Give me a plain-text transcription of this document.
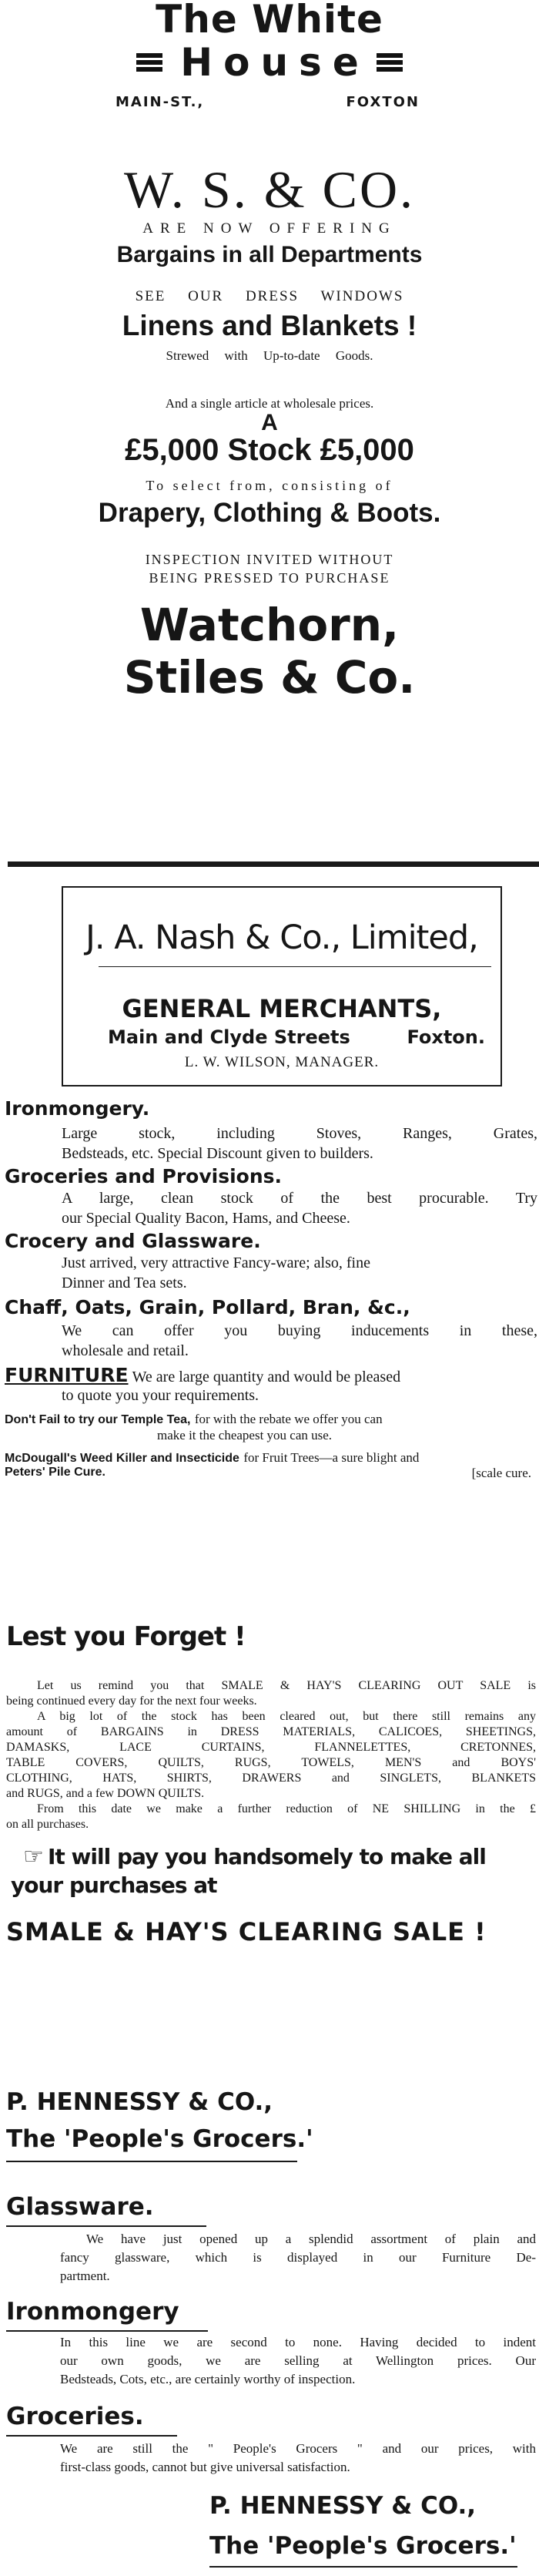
The White
House
MAIN-ST.,	FOXTON
W. S. & CO.
ARE NOW OFFERING
Bargains in all Departments
SEE OUR DRESS WINDOWS
Linens and Blankets !
Strewed with Up-to-date Goods.
And a single article at wholesale prices.
A
£5,000 Stock £5,000
To select from, consisting of
Drapery, Clothing & Boots.
INSPECTION INVITED WITHOUT
BEING PRESSED TO PURCHASE
Watchorn,
Stiles & Co.
J. A. Nash & Co., Limited,
GENERAL MERCHANTS,
Main and Clyde Streets	Foxton.
L. W. WILSON, MANAGER.
Ironmongery.
Large stock, including Stoves, Ranges, Grates,
Bedsteads, etc. Special Discount given to builders.
Groceries and Provisions.
A large, clean stock of the best procurable. Try
our Special Quality Bacon, Hams, and Cheese.
Crocery and Glassware.
Just arrived, very attractive Fancy-ware; also, fine
Dinner and Tea sets.
Chaff, Oats, Grain, Pollard, Bran, &c.,
We can offer you buying inducements in these,
wholesale and retail.
FURNITURE We are large quantity and would be pleased
to quote you your requirements.
Don't Fail to try our Temple Tea, for with the rebate we offer you can
make it the cheapest you can use.
McDougall's Weed Killer and Insecticide for Fruit Trees—a sure blight and
Peters' Pile Cure.	[scale cure.
Lest you Forget !
Let us remind you that SMALE & HAY'S CLEARING OUT SALE is
being continued every day for the next four weeks.
A big lot of the stock has been cleared out, but there still remains any
amount of BARGAINS in DRESS MATERIALS, CALICOES, SHEETINGS,
DAMASKS, LACE CURTAINS, FLANNELETTES, CRETONNES,
TABLE COVERS, QUILTS, RUGS, TOWELS, MEN'S and BOYS'
CLOTHING, HATS, SHIRTS, DRAWERS and SINGLETS, BLANKETS
and RUGS, and a few DOWN QUILTS.
From this date we make a further reduction of NE SHILLING in the £
on all purchases.
☞ It will pay you handsomely to make all
your purchases at
SMALE & HAY'S CLEARING SALE !
P. HENNESSY & CO.,
The 'People's Grocers.'
Glassware.
We have just opened up a splendid assortment of plain and
fancy glassware, which is displayed in our Furniture De-
partment.
Ironmongery
In this line we are second to none. Having decided to indent
our own goods, we are selling at Wellington prices. Our
Bedsteads, Cots, etc., are certainly worthy of inspection.
Groceries.
We are still the " People's Grocers " and our prices, with
first-class goods, cannot but give universal satisfaction.
P. HENNESSY & CO.,
The 'People's Grocers.'
